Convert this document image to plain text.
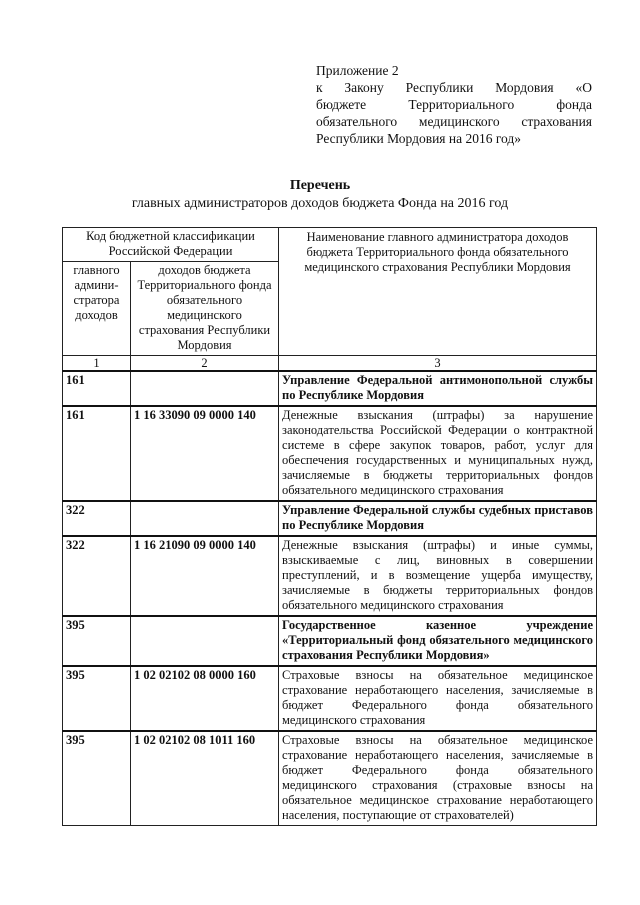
Приложение 2
к Закону Республики Мордовия «О
бюджете Территориального фонда
обязательного медицинского страхования
Республики Мордовия на 2016 год»
Перечень
главных администраторов доходов бюджета Фонда на 2016 год
Код бюджетной классификации Российской Федерации		Наименование главного администратора доходов бюджета Территориального фонда обязательного медицинского страхования Республики Мордовия
главного админи-стратора доходов	доходов бюджета Территориального фонда обязательного медицинского страхования Республики Мордовия	
1	2	3
161		Управление Федеральной антимонопольной службы по Республике Мордовия
161	1 16 33090 09 0000 140	Денежные взыскания (штрафы) за нарушение законодательства Российской Федерации о контрактной системе в сфере закупок товаров, работ, услуг для обеспечения государственных и муниципальных нужд, зачисляемые в бюджеты территориальных фондов обязательного медицинского страхования
322		Управление Федеральной службы судебных приставов по Республике Мордовия
322	1 16 21090 09 0000 140	Денежные взыскания (штрафы) и иные суммы, взыскиваемые с лиц, виновных в совершении преступлений, и в возмещение ущерба имуществу, зачисляемые в бюджеты территориальных фондов обязательного медицинского страхования
395		Государственное казенное учреждение «Территориальный фонд обязательного медицинского страхования Республики Мордовия»
395	1 02 02102 08 0000 160	Страховые взносы на обязательное медицинское страхование неработающего населения, зачисляемые в бюджет Федерального фонда обязательного медицинского страхования
395	1 02 02102 08 1011 160	Страховые взносы на обязательное медицинское страхование неработающего населения, зачисляемые в бюджет Федерального фонда обязательного медицинского страхования (страховые взносы на обязательное медицинское страхование неработающего населения, поступающие от страхователей)
